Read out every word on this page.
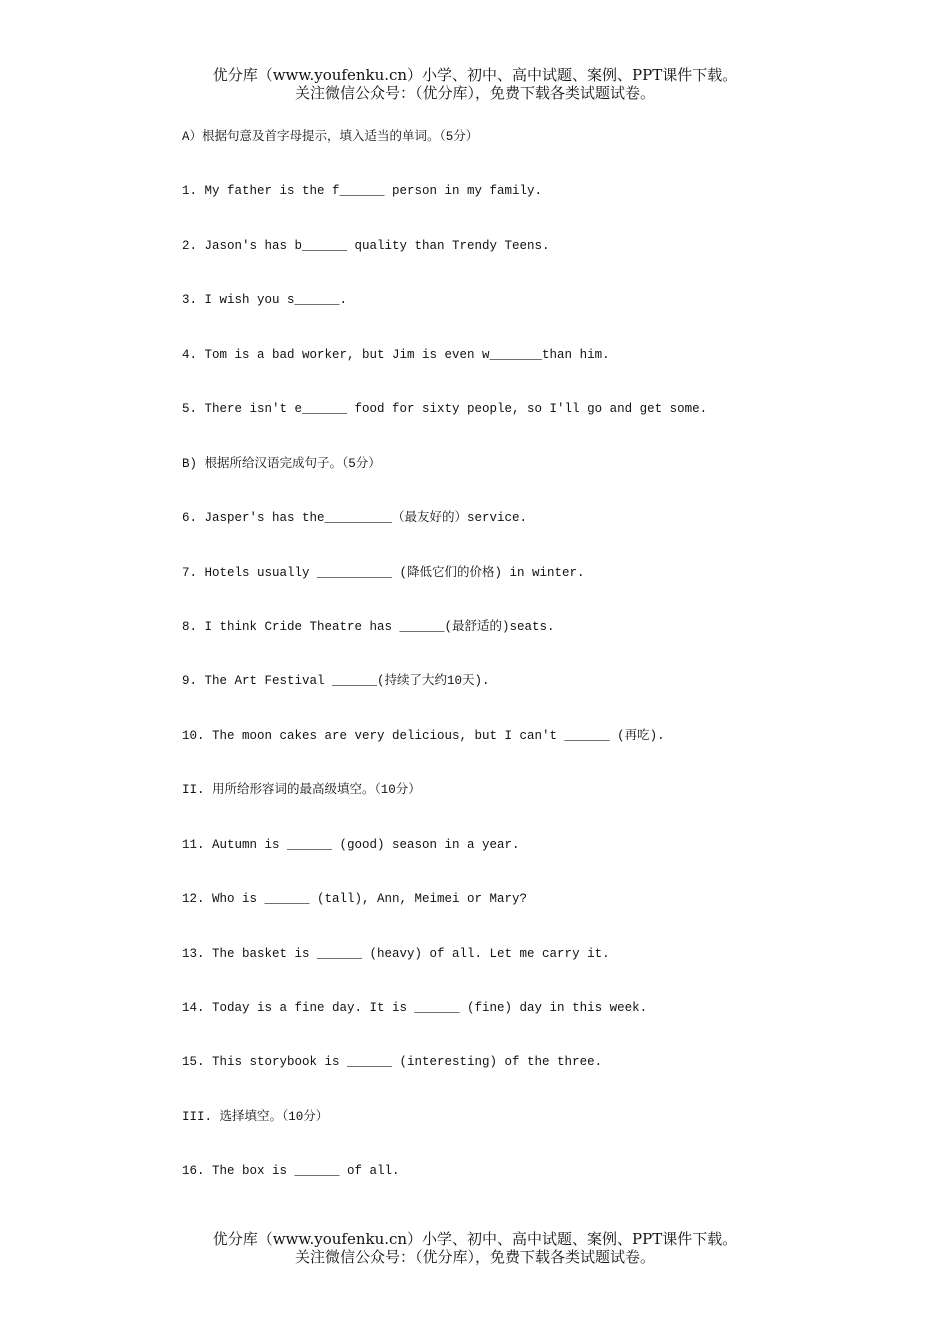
优分库（www.youfenku.cn）小学、初中、高中试题、案例、PPT课件下载。
关注微信公众号：（优分库），免费下载各类试题试卷。
A）根据句意及首字母提示，填入适当的单词。（5分）
1. My father is the f______ person in my family.
2. Jason's has b______ quality than Trendy Teens.
3. I wish you s______.
4. Tom is a bad worker, but Jim is even w_______than him.
5. There isn't e______ food for sixty people, so I'll go and get some.
B) 根据所给汉语完成句子。（5分）
6. Jasper's has the_________（最友好的）service.
7. Hotels usually __________ (降低它们的价格) in winter.
8. I think Cride Theatre has ______(最舒适的)seats.
9. The Art Festival ______(持续了大约10天).
10. The moon cakes are very delicious, but I can't ______ (再吃).
II. 用所给形容词的最高级填空。（10分）
11. Autumn is ______ (good) season in a year.
12. Who is ______ (tall), Ann, Meimei or Mary?
13. The basket is ______ (heavy) of all. Let me carry it.
14. Today is a fine day. It is ______ (fine) day in this week.
15. This storybook is ______ (interesting) of the three.
III. 选择填空。（10分）
16. The box is ______ of all.
优分库（www.youfenku.cn）小学、初中、高中试题、案例、PPT课件下载。
关注微信公众号：（优分库），免费下载各类试题试卷。
